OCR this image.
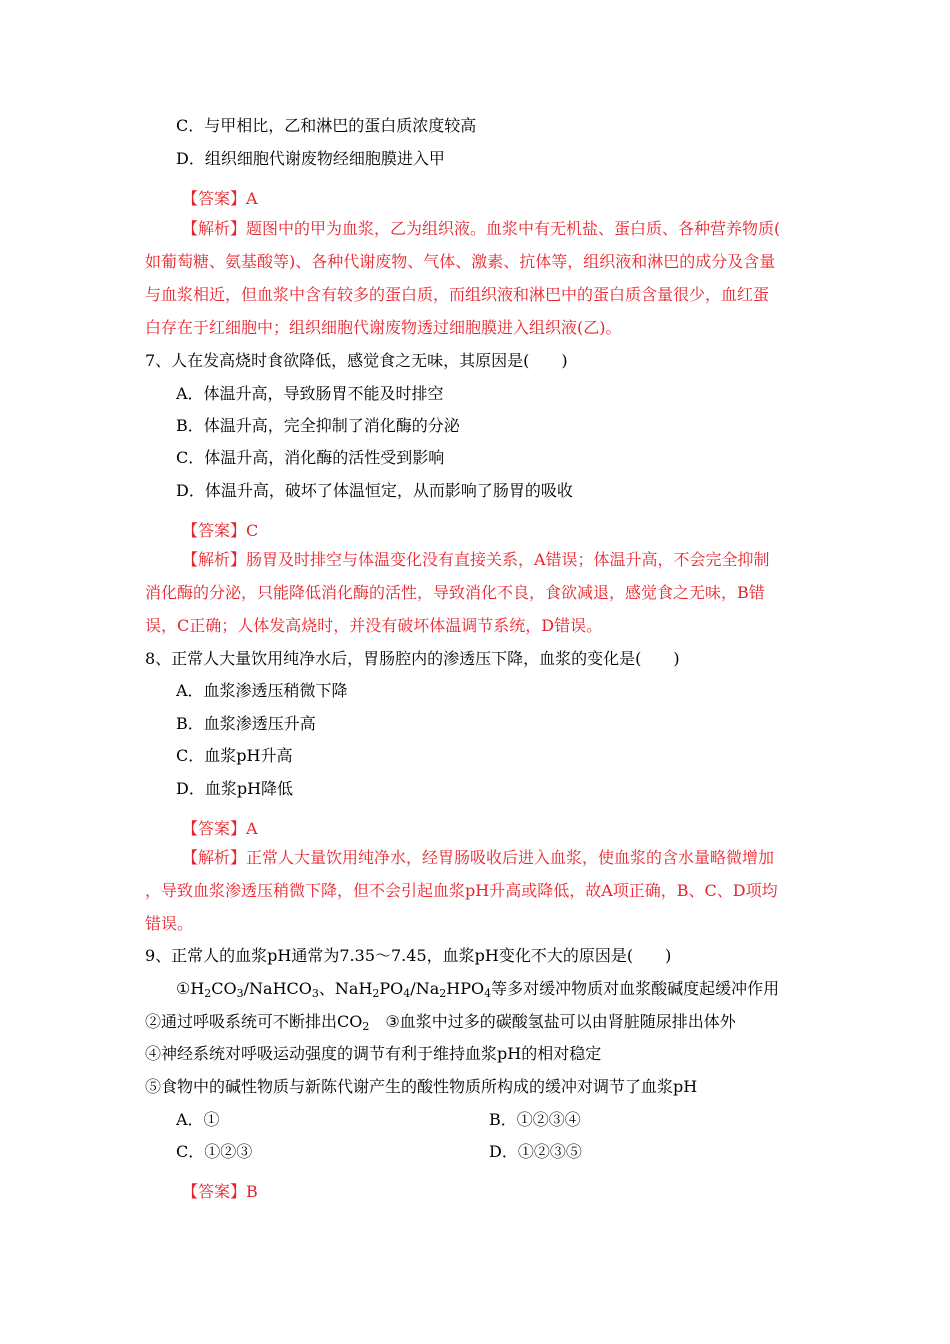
C．与甲相比，乙和淋巴的蛋白质浓度较高
D．组织细胞代谢废物经细胞膜进入甲
【答案】A
【解析】题图中的甲为血浆，乙为组织液。血浆中有无机盐、蛋白质、各种营养物质(
如葡萄糖、氨基酸等)、各种代谢废物、气体、激素、抗体等，组织液和淋巴的成分及含量
与血浆相近，但血浆中含有较多的蛋白质，而组织液和淋巴中的蛋白质含量很少，血红蛋
白存在于红细胞中；组织细胞代谢废物透过细胞膜进入组织液(乙)。
7、人在发高烧时食欲降低，感觉食之无味，其原因是(　　)
A．体温升高，导致肠胃不能及时排空
B．体温升高，完全抑制了消化酶的分泌
C．体温升高，消化酶的活性受到影响
D．体温升高，破坏了体温恒定，从而影响了肠胃的吸收
【答案】C
【解析】肠胃及时排空与体温变化没有直接关系，A错误；体温升高，不会完全抑制
消化酶的分泌，只能降低消化酶的活性，导致消化不良，食欲减退，感觉食之无味，B错
误，C正确；人体发高烧时，并没有破坏体温调节系统，D错误。
8、正常人大量饮用纯净水后，胃肠腔内的渗透压下降，血浆的变化是(　　)
A．血浆渗透压稍微下降
B．血浆渗透压升高
C．血浆pH升高
D．血浆pH降低
【答案】A
【解析】正常人大量饮用纯净水，经胃肠吸收后进入血浆，使血浆的含水量略微增加
，导致血浆渗透压稍微下降，但不会引起血浆pH升高或降低，故A项正确，B、C、D项均
错误。
9、正常人的血浆pH通常为7.35～7.45，血浆pH变化不大的原因是(　　)
$①H_2CO_3/NaHCO_3$、$NaH_2PO_4/Na_2HPO_4$等多对缓冲物质对血浆酸碱度起缓冲作用
②通过呼吸系统可不断排出$CO_2$ ③血浆中过多的碳酸氢盐可以由肾脏随尿排出体外
④神经系统对呼吸运动强度的调节有利于维持血浆pH的相对稳定
⑤食物中的碱性物质与新陈代谢产生的酸性物质所构成的缓冲对调节了血浆pH
A．①	B．①②③④
C．①②③	D．①②③⑤
【答案】B
